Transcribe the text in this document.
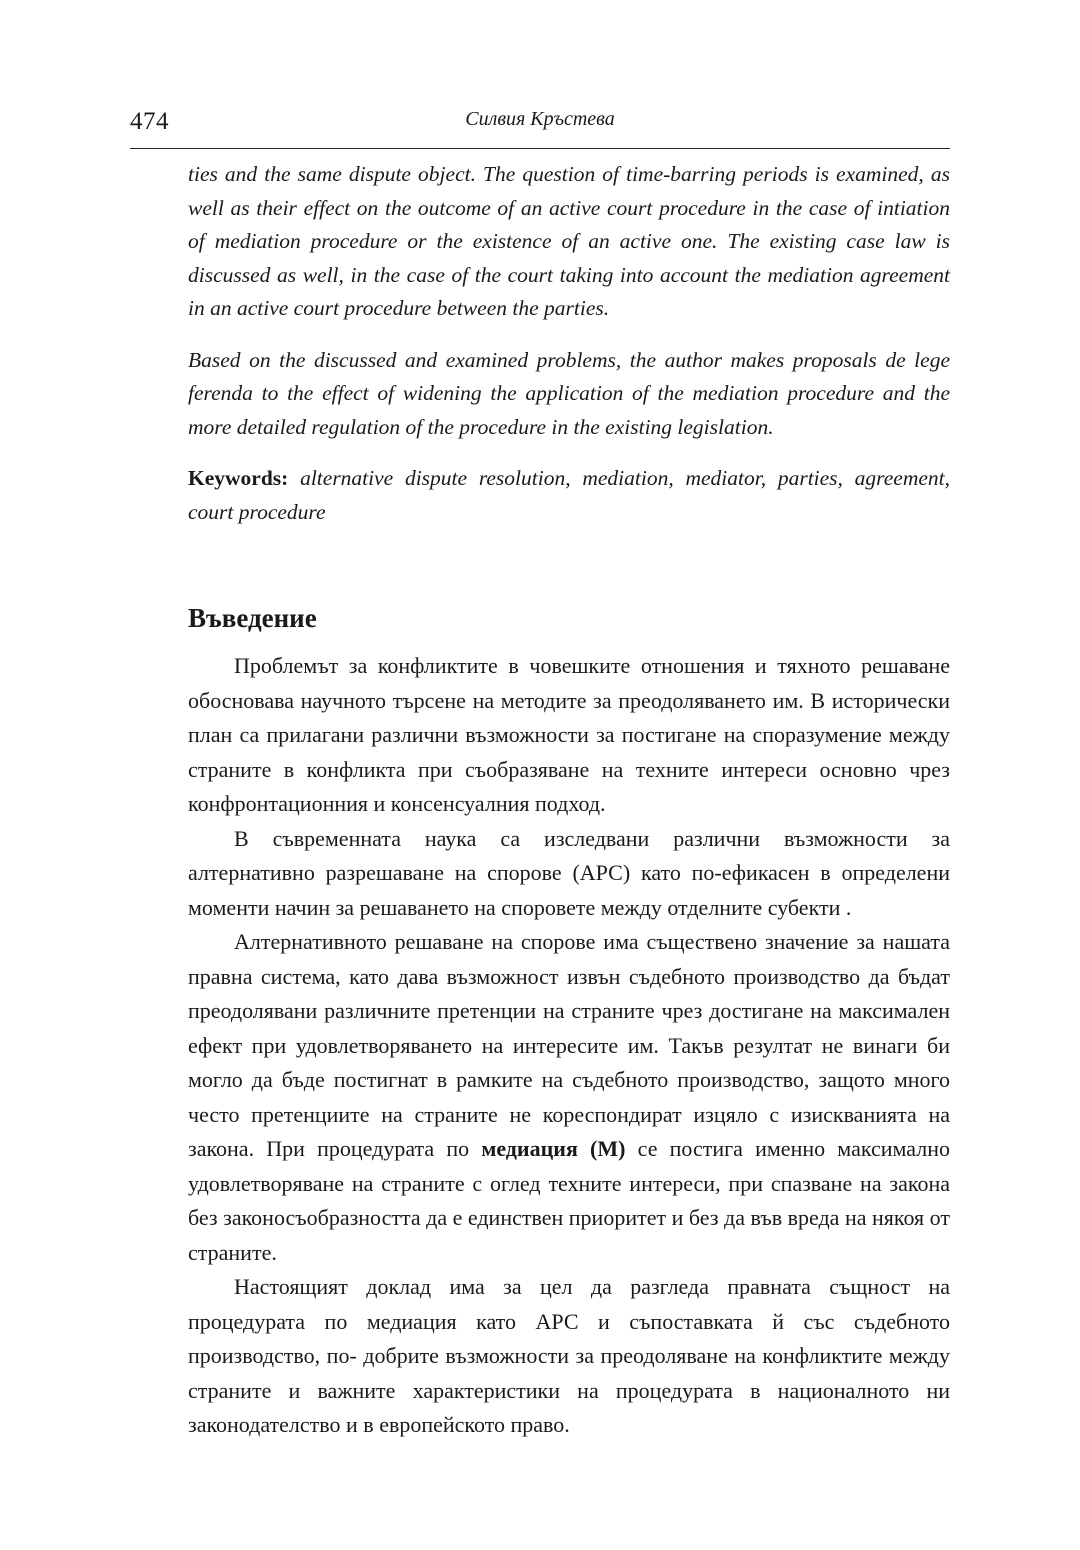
474	Силвия Кръстева

ties and the same dispute object. The question of time-barring periods is examined, as well as their effect on the outcome of an active court procedure in the case of intiation of mediation procedure or the existence of an active one. The existing case law is discussed as well, in the case of the court taking into account the mediation agreement in an active court procedure between the parties.

Based on the discussed and examined problems, the author makes proposals de lege ferenda to the effect of widening the application of the mediation procedure and the more detailed regulation of the procedure in the existing legislation.

Keywords: alternative dispute resolution, mediation, mediator, parties, agreement, court procedure

Въведение

Проблемът за конфликтите в човешките отношения и тяхното решаване обосновава научното търсене на методите за преодоляването им. В исторически план са прилагани различни възможности за постигане на споразумение между страните в конфликта при съобразяване на техните интереси основно чрез конфронтационния и консенсуалния подход.

В съвременната наука са изследвани различни възможности за алтернативно разрешаване на спорове (АРС) като по-ефикасен в определени моменти начин за решаването на споровете между отделните субекти .

Алтернативното решаване на спорове има съществено значение за нашата правна система, като дава възможност извън съдебното производство да бъдат преодолявани различните претенции на страните чрез достигане на максимален ефект при удовлетворяването на интересите им. Такъв резултат не винаги би могло да бъде постигнат в рамките на съдебното производство, защото много често претенциите на страните не кореспондират изцяло с изискванията на закона. При процедурата по медиация (М) се постига именно максимално удовлетворяване на страните с оглед техните интереси, при спазване на закона без законосъобразността да е единствен приоритет и без да във вреда на някоя от страните.

Настоящият доклад има за цел да разгледа правната същност на процедурата по медиация като АРС и съпоставката й със съдебното производство, по- добрите възможности за преодоляване на конфликтите между страните и важните характеристики на процедурата в националното ни законодателство и в европейското право.
